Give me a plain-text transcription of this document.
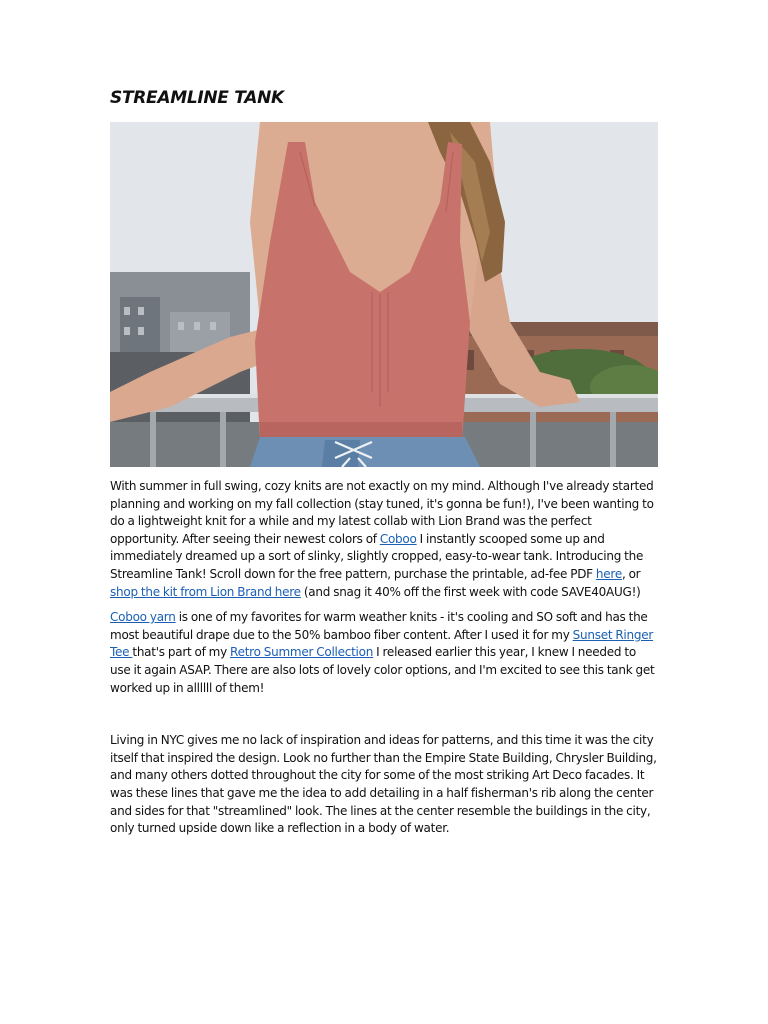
STREAMLINE TANK

With summer in full swing, cozy knits are not exactly on my mind. Although I've already started planning and working on my fall collection (stay tuned, it's gonna be fun!), I've been wanting to do a lightweight knit for a while and my latest collab with Lion Brand was the perfect opportunity. After seeing their newest colors of Coboo I instantly scooped some up and immediately dreamed up a sort of slinky, slightly cropped, easy-to-wear tank. Introducing the Streamline Tank! Scroll down for the free pattern, purchase the printable, ad-fee PDF here, or shop the kit from Lion Brand here (and snag it 40% off the first week with code SAVE40AUG!)

Coboo yarn is one of my favorites for warm weather knits - it's cooling and SO soft and has the most beautiful drape due to the 50% bamboo fiber content. After I used it for my Sunset Ringer Tee that's part of my Retro Summer Collection I released earlier this year, I knew I needed to use it again ASAP. There are also lots of lovely color options, and I'm excited to see this tank get worked up in allllll of them!

Living in NYC gives me no lack of inspiration and ideas for patterns, and this time it was the city itself that inspired the design. Look no further than the Empire State Building, Chrysler Building, and many others dotted throughout the city for some of the most striking Art Deco facades. It was these lines that gave me the idea to add detailing in a half fisherman's rib along the center and sides for that "streamlined" look. The lines at the center resemble the buildings in the city, only turned upside down like a reflection in a body of water.
